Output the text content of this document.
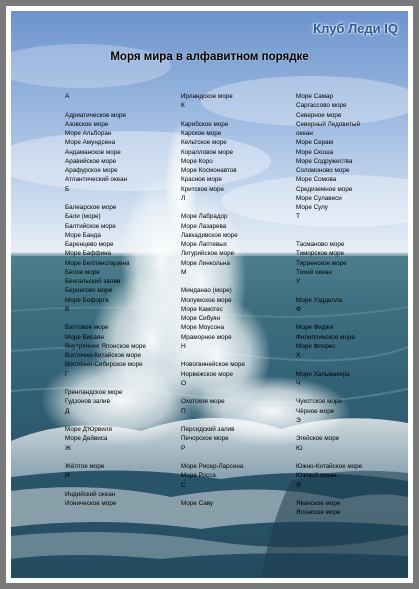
Клуб Леди IQ
Моря мира в алфавитном порядке
А
Адриатическое море
Азовское море
Море Альборан
Море Амундсена
Андаманское море
Аравийское море
Арафурское море
Атлантический океан
Б
Балеарское море
Бали (море)
Балтийское море
Море Банда
Баренцево море
Море Баффина
Море Беллинсгаузена
Белое море
Бенгальский залив
Берингово море
Море Бофорта
В
Ваттовое море
Море Висаян
Внутреннее Японское море
Восточно-Китайское море
Восточно-Сибирское море
Г
Гренландское море
Гудзонов залив
Д
Море Д'Юрвиля
Море Дейвиса
Ж
Жёлтое море
И
Индийский океан
Ионическое море
Ирландское море
К
Карибское море
Карское море
Кельтское море
Коралловое море
Море Коро
Море Космонавтов
Красное море
Критское море
Л
Море Лабрадор
Море Лазарева
Лаккадивское море
Море Лаптевых
Лигурийское море
Море Линкольна
М
Минданао (море)
Молуккское море
Море Камотес
Море Сибуян
Море Моусона
Мраморное море
Н
Новогвинейское море
Норвежское море
О
Охотское море
П
Персидский залив
Печорское море
Р
Море Рисер-Ларсена
Море Росса
С
Море Саву
Море Самар
Саргассово море
Северное море
Северный Ледовитый
океан
Море Серам
Море Скоша
Море Содружества
Соломоново море
Море Сомова
Средиземное море
Море Сулавеси
Море Сулу
Т
Тасманово море
Тиморское море
Тирренское море
Тихий океан
У
Море Уэдделла
Ф
Море Фиджи
Филиппинское море
Море Флорес
Х
Море Хальмахера
Ч
Чукотское море
Чёрное море
Э
Эгейское море
Ю
Южно-Китайское море
Южный океан
Я
Яванское море
Японское море
